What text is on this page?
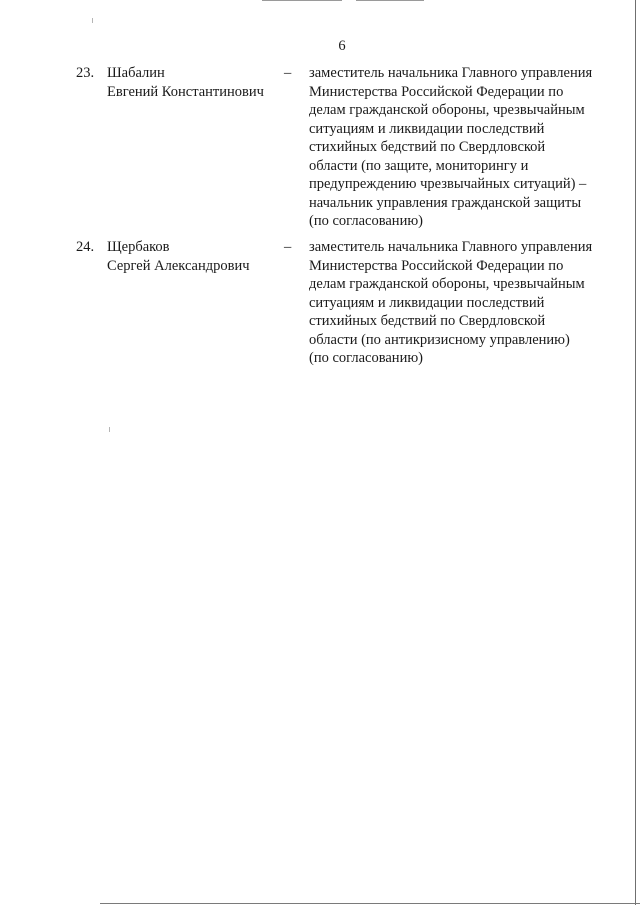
6
23. Шабалин
Евгений Константинович
– заместитель начальника Главного управления
Министерства Российской Федерации по
делам гражданской обороны, чрезвычайным
ситуациям и ликвидации последствий
стихийных бедствий по Свердловской
области (по защите, мониторингу и
предупреждению чрезвычайных ситуаций) –
начальник управления гражданской защиты
(по согласованию)
24. Щербаков
Сергей Александрович
– заместитель начальника Главного управления
Министерства Российской Федерации по
делам гражданской обороны, чрезвычайным
ситуациям и ликвидации последствий
стихийных бедствий по Свердловской
области (по антикризисному управлению)
(по согласованию)
